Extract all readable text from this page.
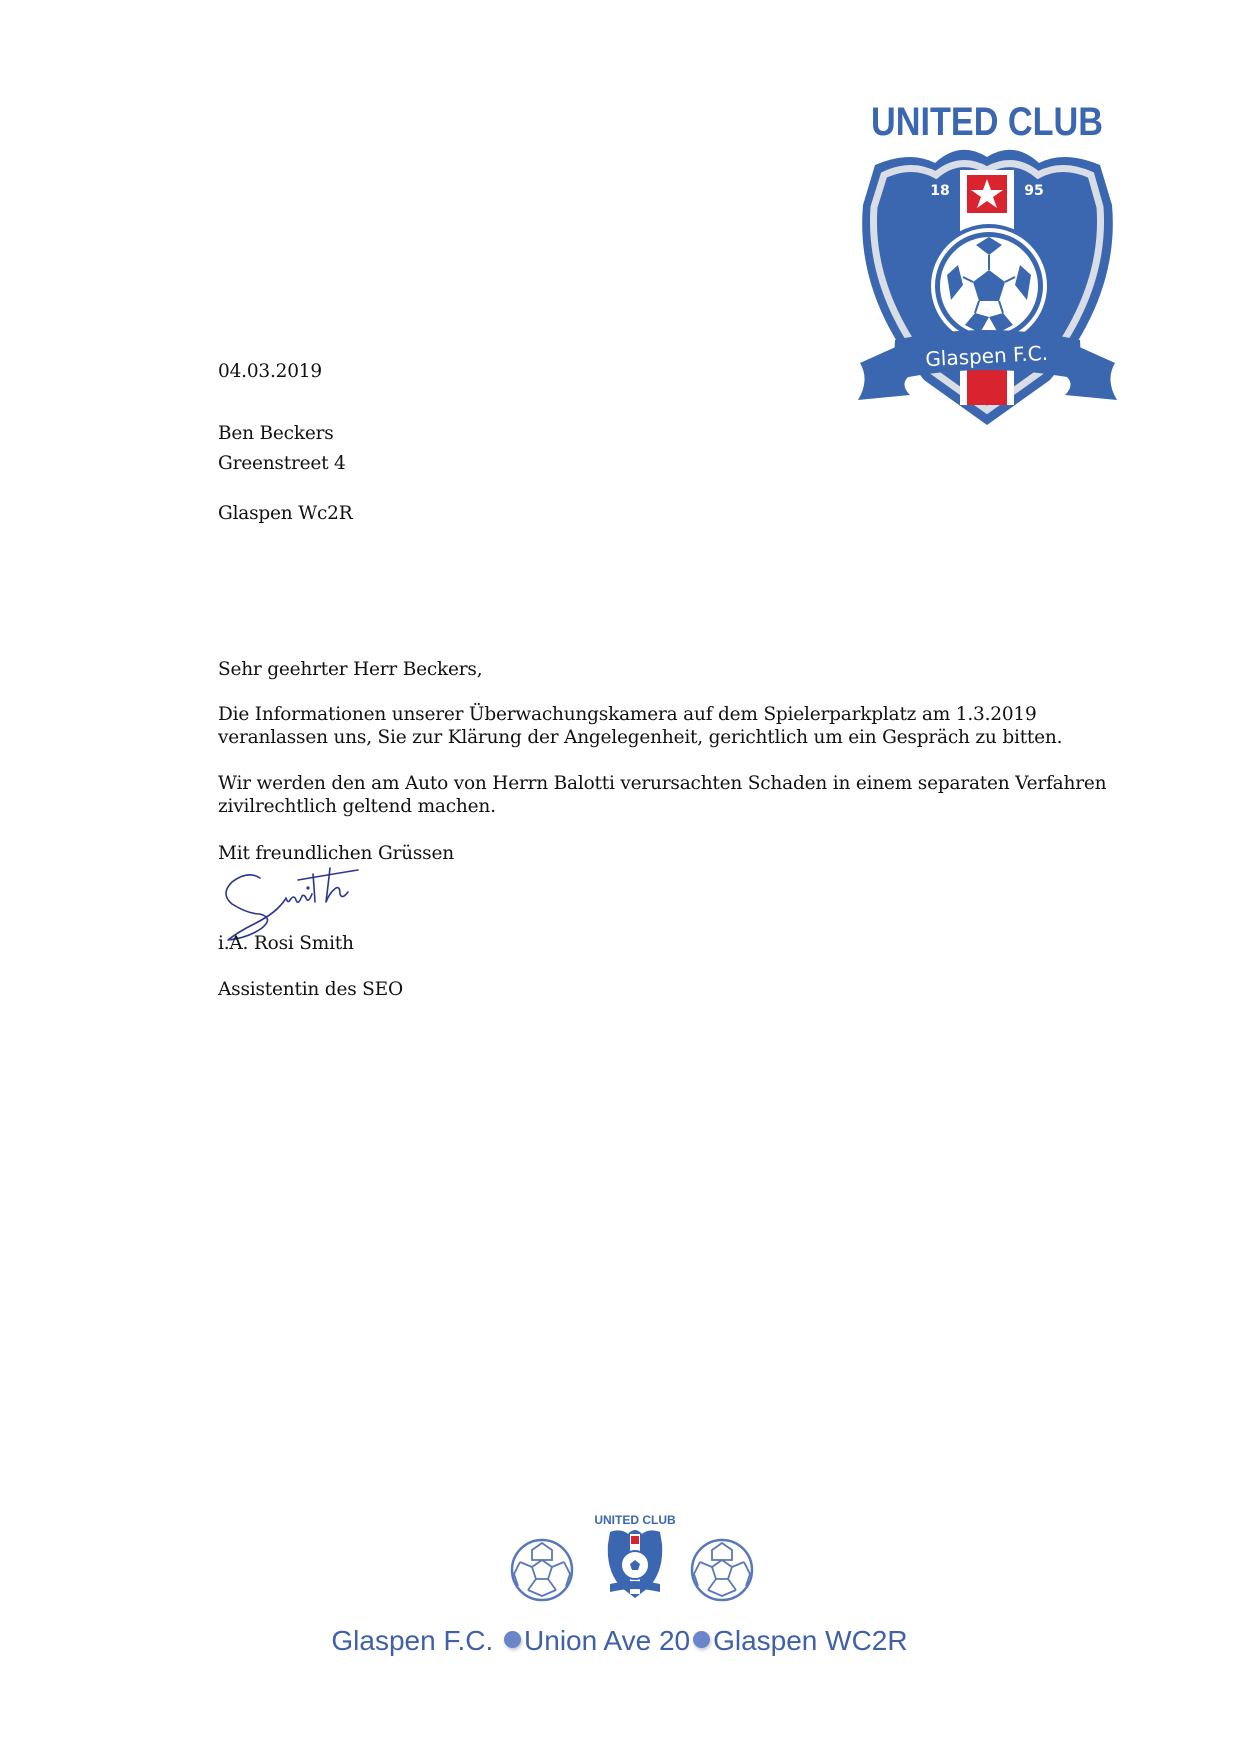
UNITED CLUB
18	95
Glaspen F.C.
04.03.2019
Ben Beckers
Greenstreet 4
Glaspen Wc2R
Sehr geehrter Herr Beckers,
Die Informationen unserer Überwachungskamera auf dem Spielerparkplatz am 1.3.2019
veranlassen uns, Sie zur Klärung der Angelegenheit, gerichtlich um ein Gespräch zu bitten.
Wir werden den am Auto von Herrn Balotti verursachten Schaden in einem separaten Verfahren
zivilrechtlich geltend machen.
Mit freundlichen Grüssen
i.A. Rosi Smith
Assistentin des SEO
UNITED CLUB
Glaspen F.C. Union Ave 20 Glaspen WC2R
